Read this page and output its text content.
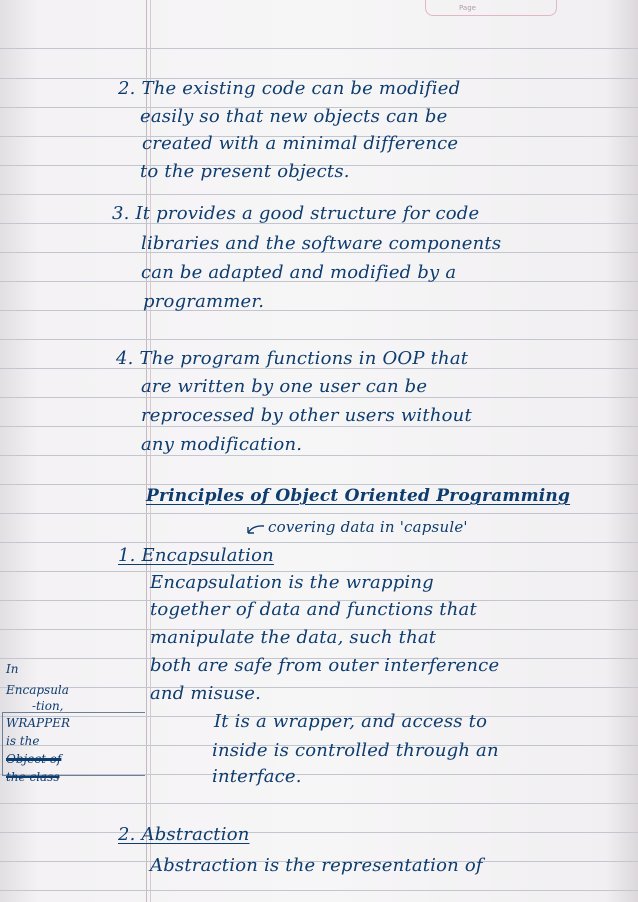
Page
2. The existing code can be modified
easily so that new objects can be
created with a minimal difference
to the present objects.
3. It provides a good structure for code
libraries and the software components
can be adapted and modified by a
programmer.
4. The program functions in OOP that
are written by one user can be
reprocessed by other users without
any modification.
Principles of Object Oriented Programming
covering data in 'capsule'
1. Encapsulation
Encapsulation is the wrapping
together of data and functions that
manipulate the data, such that
both are safe from outer interference
and misuse.
It is a wrapper, and access to
inside is controlled through an
interface.
In
Encapsula
-tion,
WRAPPER
is the
Object of
the class
2. Abstraction
Abstraction is the representation of
